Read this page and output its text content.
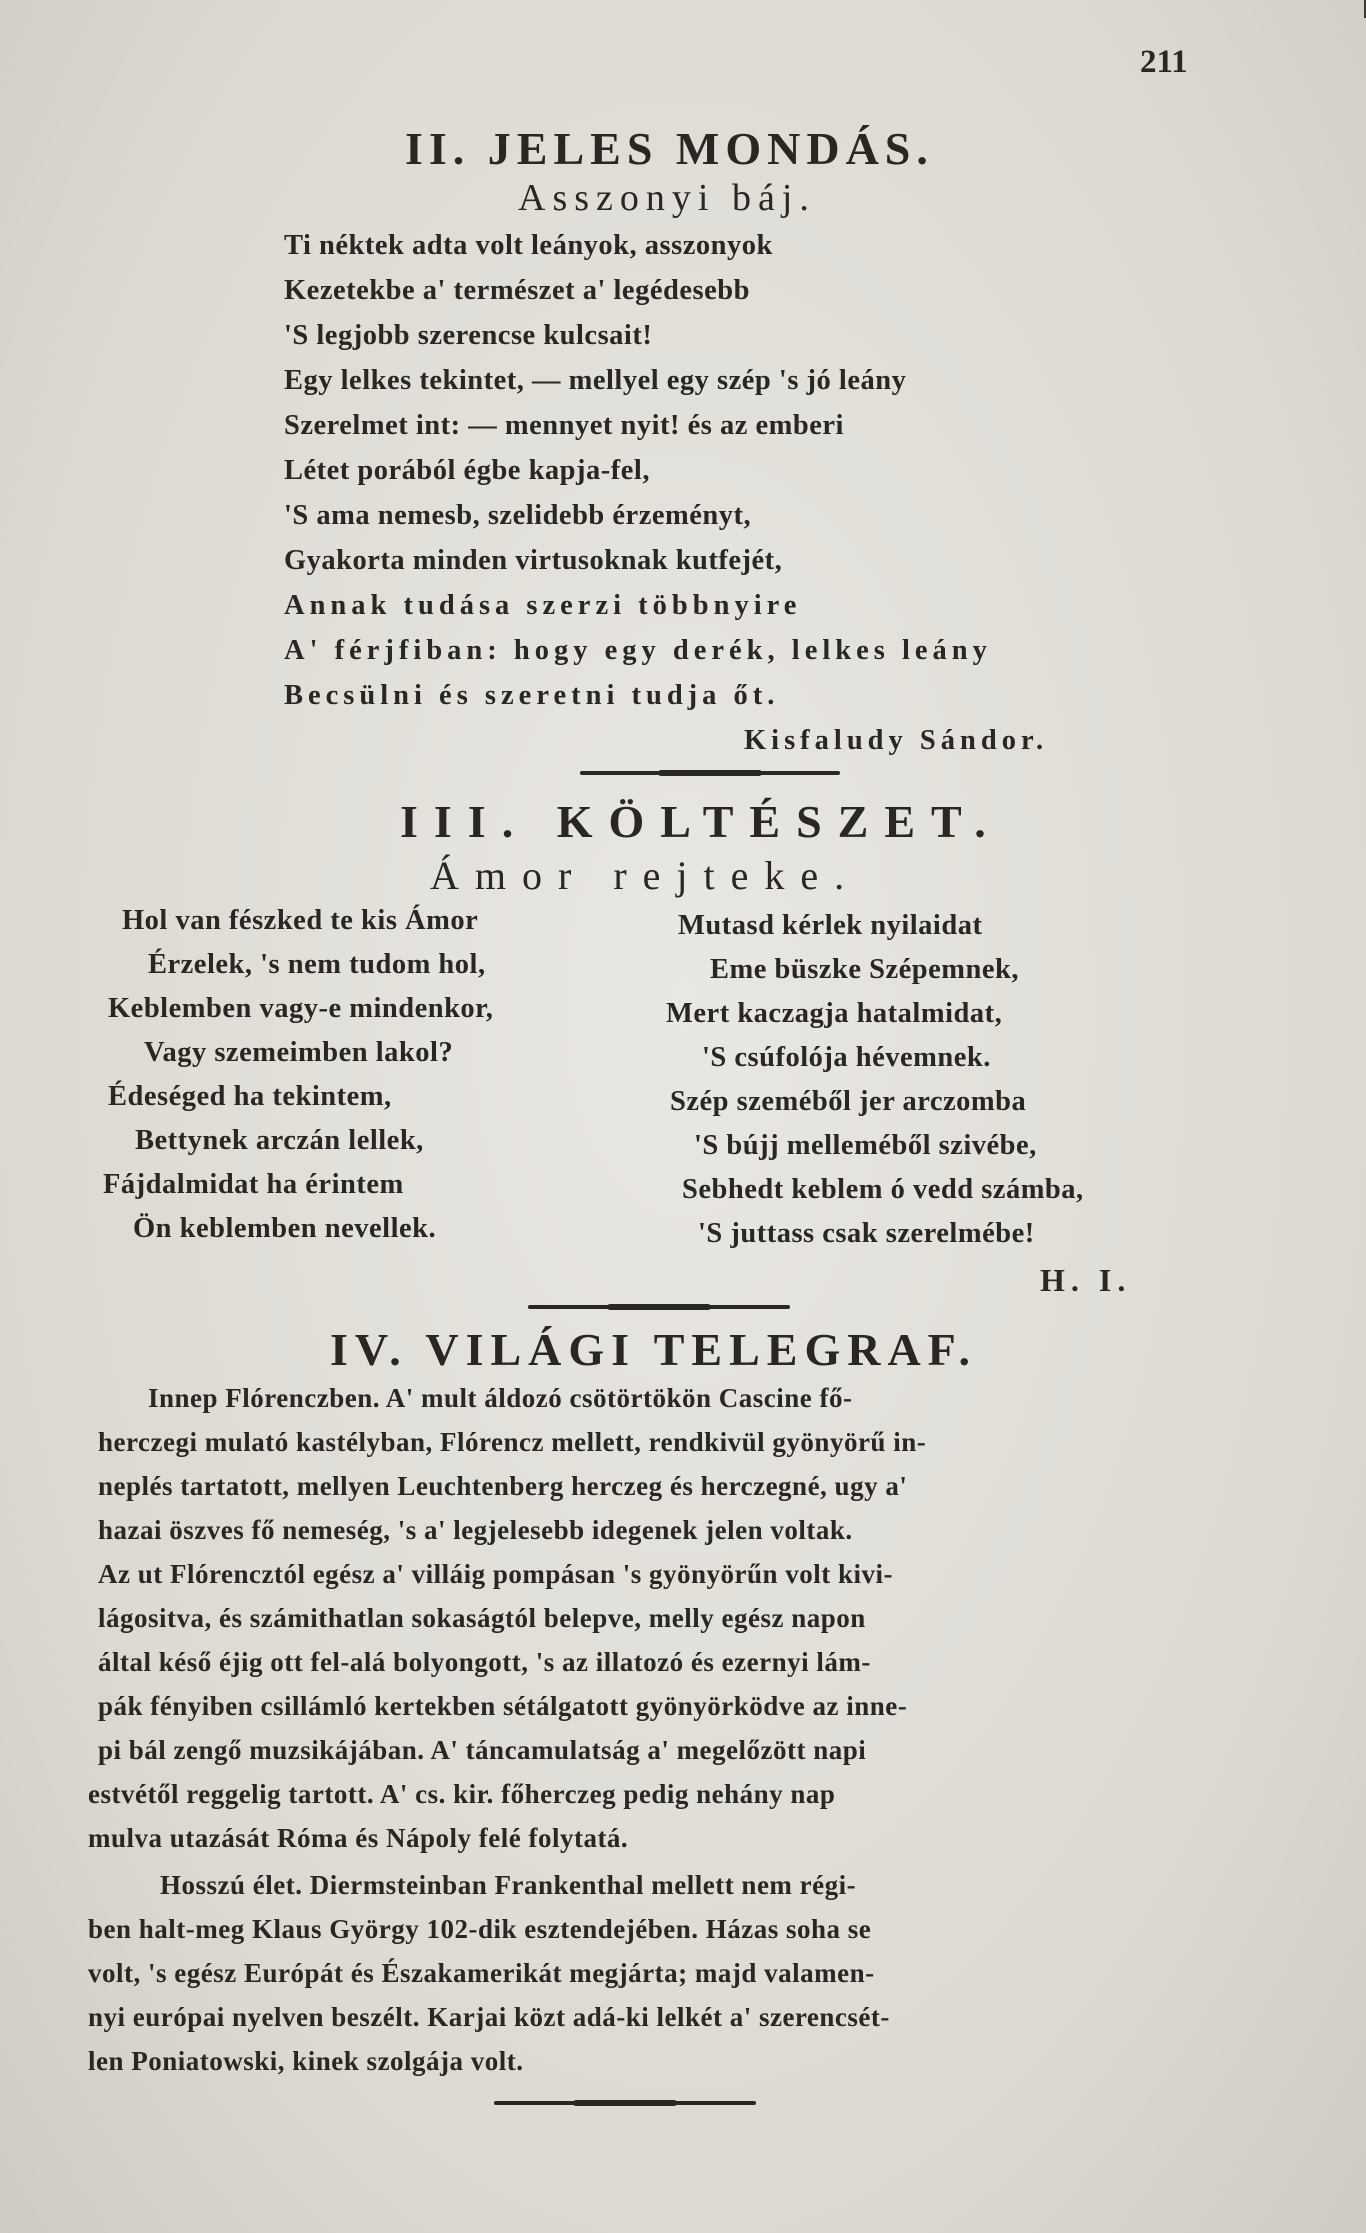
211
II. JELES MONDÁS.
Asszonyi báj.
Ti néktek adta volt leányok, asszonyok
Kezetekbe a' természet a' legédesebb
'S legjobb szerencse kulcsait!
Egy lelkes tekintet, — mellyel egy szép 's jó leány
Szerelmet int: — mennyet nyit! és az emberi
Létet porából égbe kapja-fel,
'S ama nemesb, szelidebb érzeményt,
Gyakorta minden virtusoknak kutfejét,
Annak tudása szerzi többnyire
A' férjfiban: hogy egy derék, lelkes leány
Becsülni és szeretni tudja őt.
Kisfaludy Sándor.
III. KÖLTÉSZET.
Ámor rejteke.
Hol van fészked te kis Ámor
Érzelek, 's nem tudom hol,
Keblemben vagy-e mindenkor,
Vagy szemeimben lakol?
Édeséged ha tekintem,
Bettynek arczán lellek,
Fájdalmidat ha érintem
Ön keblemben nevellek.
Mutasd kérlek nyilaidat
Eme büszke Szépemnek,
Mert kaczagja hatalmidat,
'S csúfolója hévemnek.
Szép szeméből jer arczomba
'S bújj melleméből szivébe,
Sebhedt keblem ó vedd számba,
'S juttass csak szerelmébe!
H. I.
IV. VILÁGI TELEGRAF.
Innep Flórenczben. A' mult áldozó csötörtökön Cascine fő-
herczegi mulató kastélyban, Flórencz mellett, rendkivül gyönyörű in-
neplés tartatott, mellyen Leuchtenberg herczeg és herczegné, ugy a'
hazai öszves fő nemeség, 's a' legjelesebb idegenek jelen voltak.
Az ut Flórencztól egész a' villáig pompásan 's gyönyörűn volt kivi-
lágositva, és számithatlan sokaságtól belepve, melly egész napon
által késő éjig ott fel-alá bolyongott, 's az illatozó és ezernyi lám-
pák fényiben csillámló kertekben sétálgatott gyönyörködve az inne-
pi bál zengő muzsikájában. A' táncamulatság a' megelőzött napi
estvétől reggelig tartott. A' cs. kir. főherczeg pedig nehány nap
mulva utazását Róma és Nápoly felé folytatá.
Hosszú élet. Diermsteinban Frankenthal mellett nem régi-
ben halt-meg Klaus György 102-dik esztendejében. Házas soha se
volt, 's egész Európát és Északamerikát megjárta; majd valamen-
nyi európai nyelven beszélt. Karjai közt adá-ki lelkét a' szerencsét-
len Poniatowski, kinek szolgája volt.
